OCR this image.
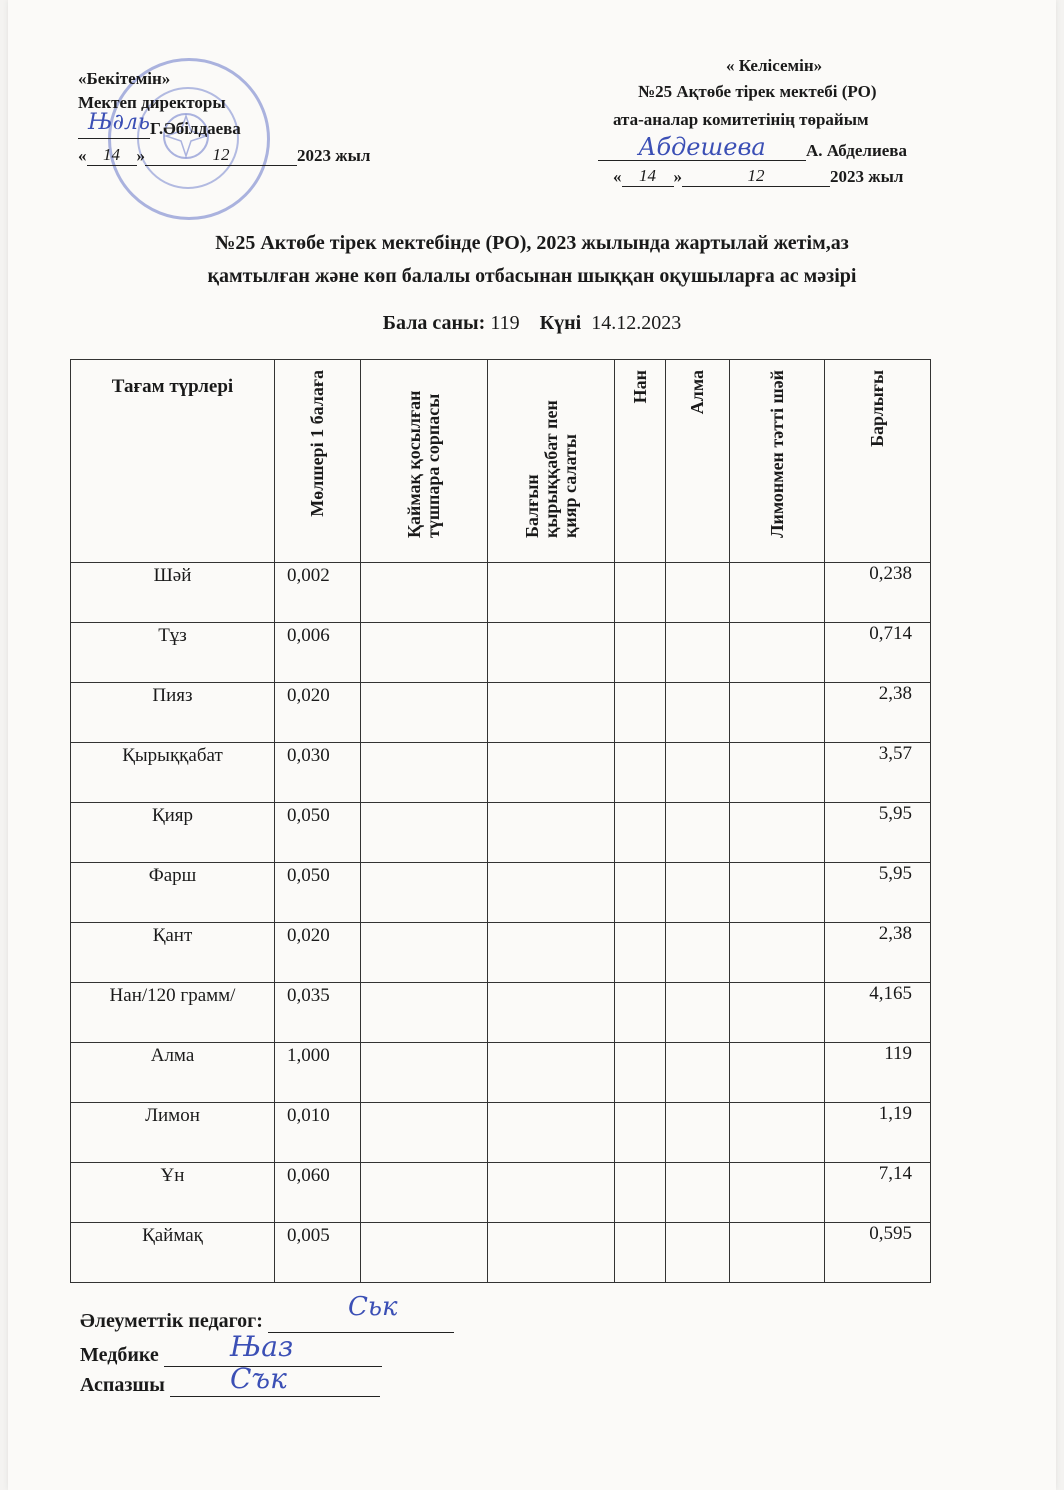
«Бекітемін»
Мектеп директоры
Г.Әбілдаева
Њ∂ль
« 14 »	12	2023 жыл
« Келісемін»
№25 Ақтөбе тірек мектебі (РО)
ата-аналар комитетінің төрайым
Абдешева А. Абделиева
« 14 »	12	2023 жыл
№25 Актөбе тірек мектебінде (РО), 2023 жылында жартылай жетім,аз
қамтылған және көп балалы отбасынан шыққан оқушыларға ас мәзірі
Бала саны: 119 Күні 14.12.2023
Тағам түрлері	Мөлшері 1 балаға	Қаймақ қосылған түшпара сорпасы	Балғын қырыққабат пен қияр салаты	Нан	Алма	Лимонмен тәтті шәй	Барлығы

Шәй	0,002						0,238
Тұз	0,006						0,714
Пияз	0,020						2,38
Қырыққабат	0,030						3,57
Қияр	0,050						5,95
Фарш	0,050						5,95
Қант	0,020						2,38
Нан/120 грамм/	0,035						4,165
Алма	1,000						119
Лимон	0,010						1,19
Ұн	0,060						7,14
Қаймақ	0,005						0,595
Әлеуметтік педагог:	Ськ
Медбике	Њаз
Аспазшы	Сък
